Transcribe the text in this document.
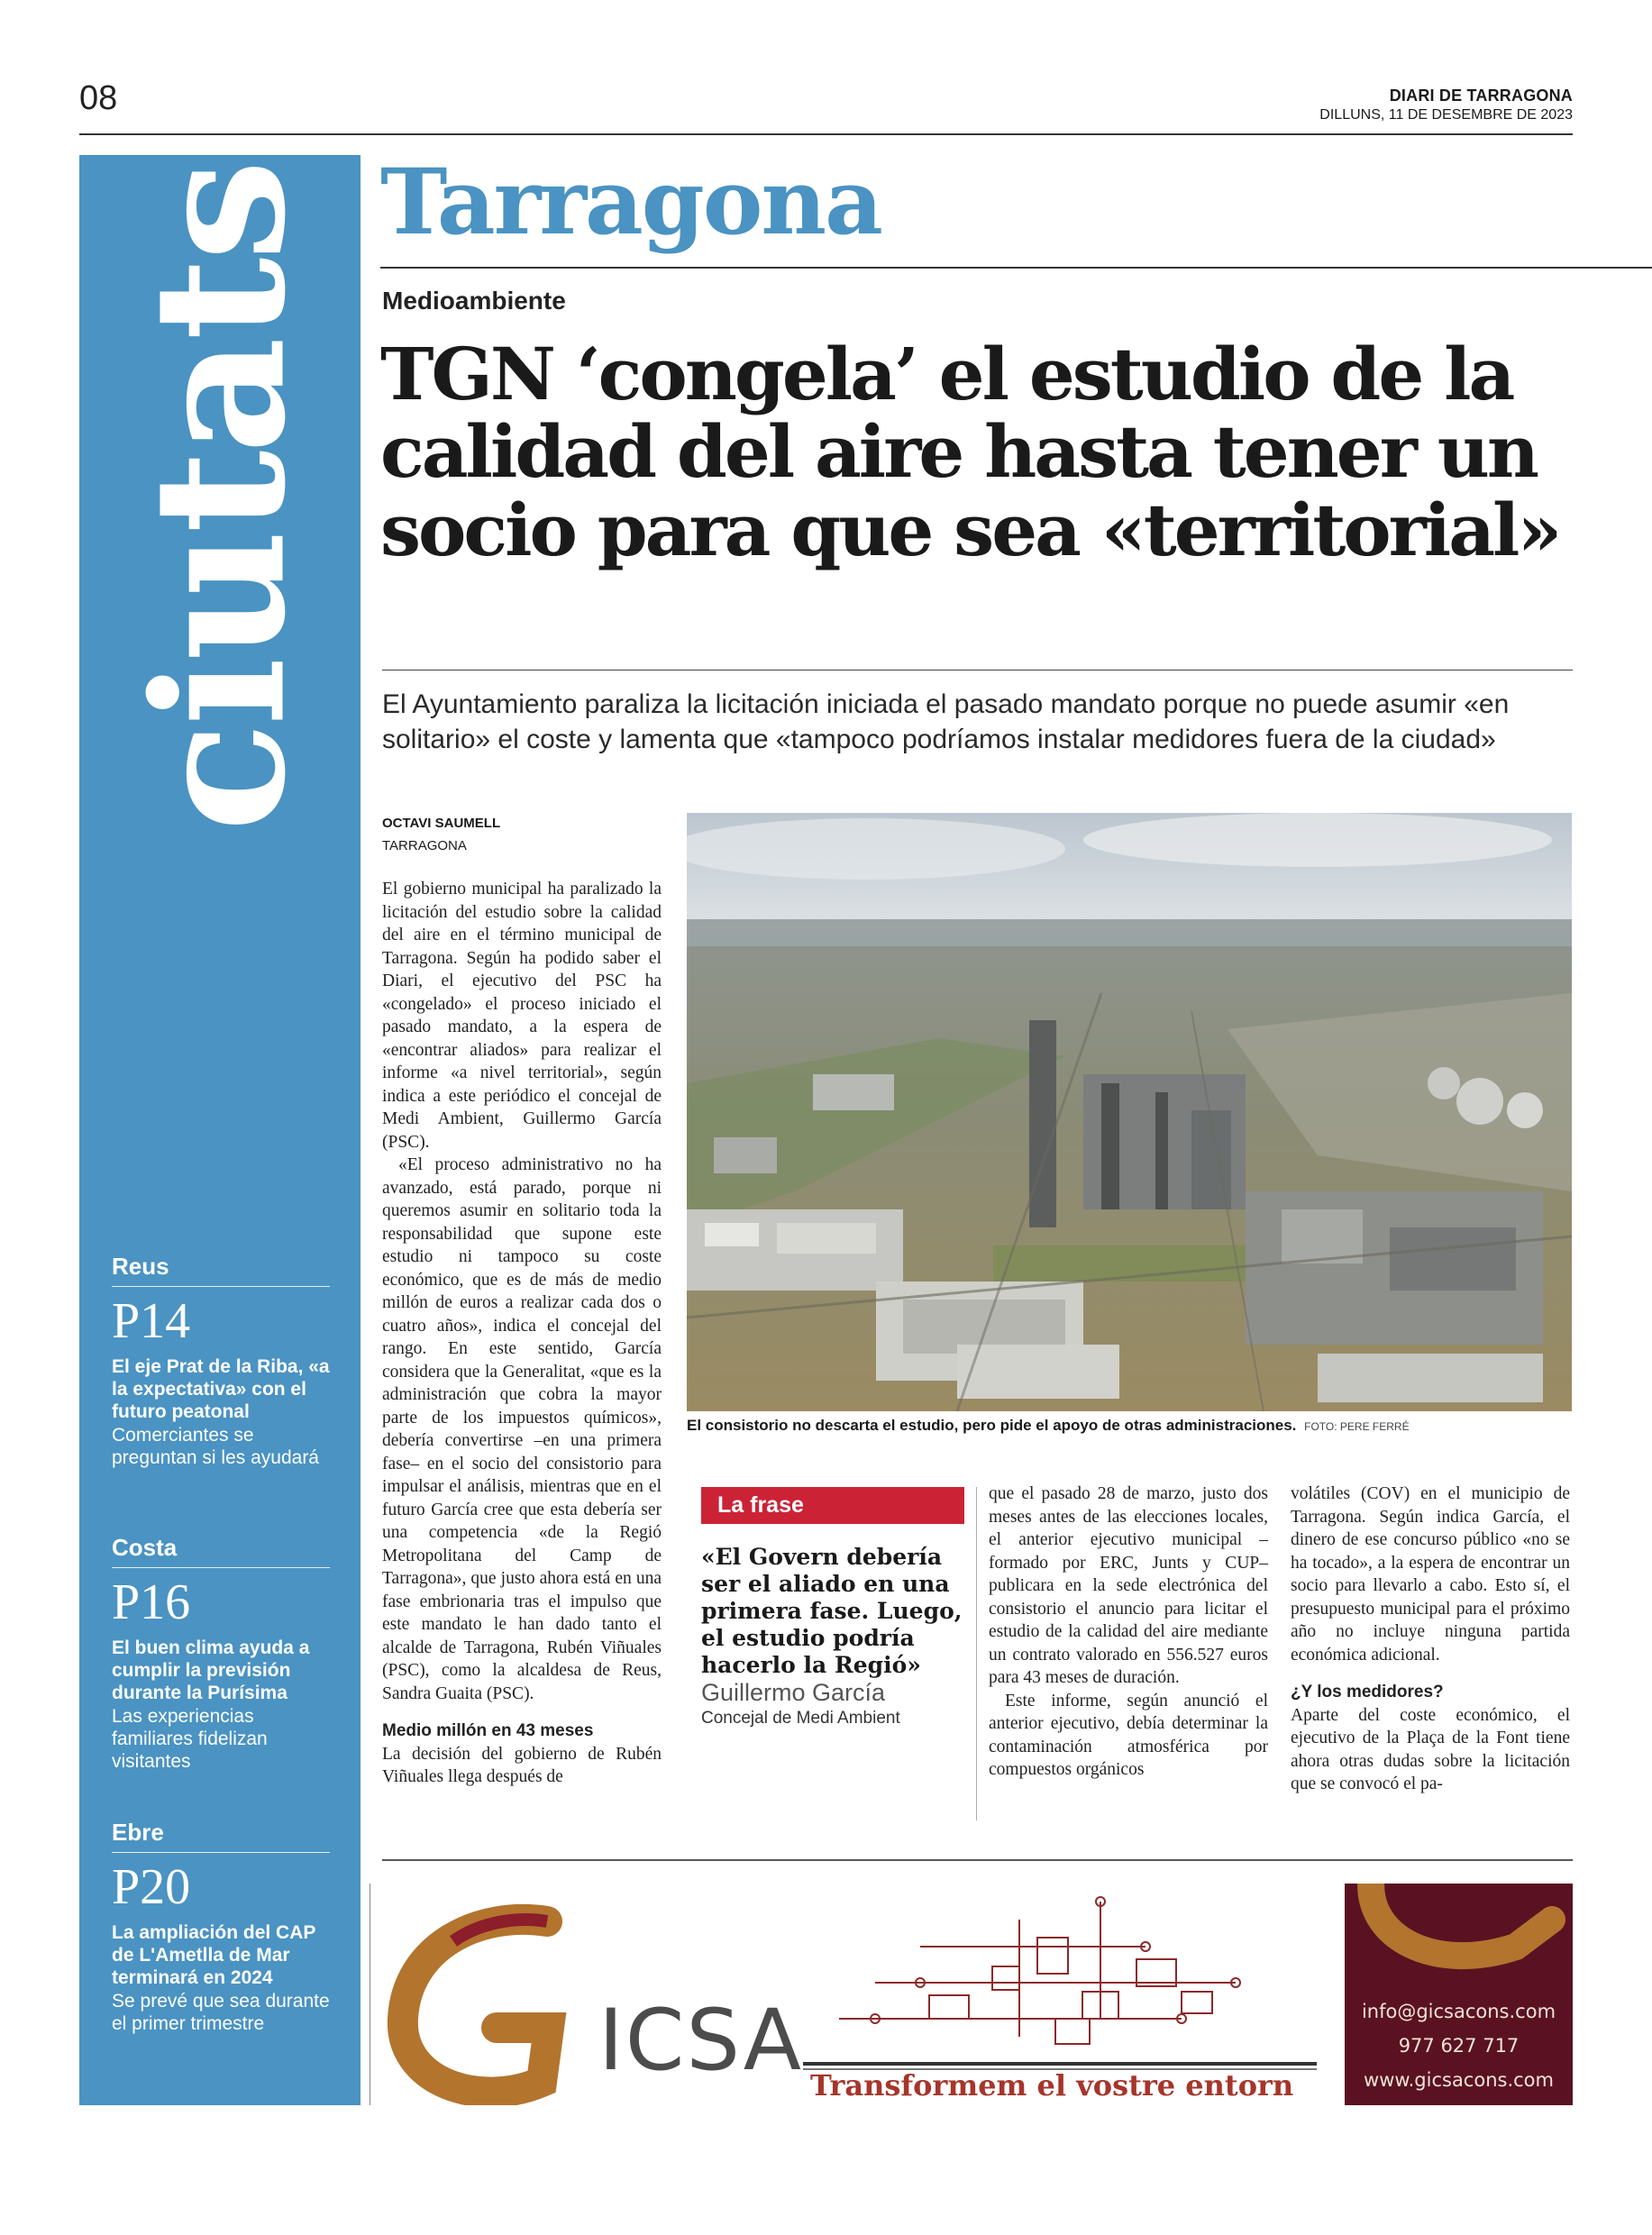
08	DIARI DE TARRAGONA
DILLUNS, 11 DE DESEMBRE DE 2023
ciutats
Reus
P14
El eje Prat de la Riba, «a la expectativa» con el futuro peatonal
Comerciantes se preguntan si les ayudará
Costa
P16
El buen clima ayuda a cumplir la previsión durante la Purísima
Las experiencias familiares fidelizan visitantes
Ebre
P20
La ampliación del CAP de L'Ametlla de Mar terminará en 2024
Se prevé que sea durante el primer trimestre
Tarragona
Medioambiente
TGN ‘congela’ el estudio de la calidad del aire hasta tener un socio para que sea «territorial»
El Ayuntamiento paraliza la licitación iniciada el pasado mandato porque no puede asumir «en solitario» el coste y lamenta que «tampoco podríamos instalar medidores fuera de la ciudad»
OCTAVI SAUMELL
TARRAGONA

El gobierno municipal ha paralizado la licitación del estudio sobre la calidad del aire en el término municipal de Tarragona. Según ha podido saber el Diari, el ejecutivo del PSC ha «congelado» el proceso iniciado el pasado mandato, a la espera de «encontrar aliados» para realizar el informe «a nivel territorial», según indica a este periódico el concejal de Medi Ambient, Guillermo García (PSC).

«El proceso administrativo no ha avanzado, está parado, porque ni queremos asumir en solitario toda la responsabilidad que supone este estudio ni tampoco su coste económico, que es de más de medio millón de euros a realizar cada dos o cuatro años», indica el concejal del rango. En este sentido, García considera que la Generalitat, «que es la administración que cobra la mayor parte de los impuestos químicos», debería convertirse –en una primera fase– en el socio del consistorio para impulsar el análisis, mientras que en el futuro García cree que esta debería ser una competencia «de la Regió Metropolitana del Camp de Tarragona», que justo ahora está en una fase embrionaria tras el impulso que este mandato le han dado tanto el alcalde de Tarragona, Rubén Viñuales (PSC), como la alcaldesa de Reus, Sandra Guaita (PSC).

Medio millón en 43 meses

La decisión del gobierno de Rubén Viñuales llega después de

El consistorio no descarta el estudio, pero pide el apoyo de otras administraciones. FOTO: PERE FERRÉ
La frase
«El Govern debería ser el aliado en una primera fase. Luego, el estudio podría hacerlo la Regió»
Guillermo García
Concejal de Medi Ambient

que el pasado 28 de marzo, justo dos meses antes de las elecciones locales, el anterior ejecutivo municipal –formado por ERC, Junts y CUP– publicara en la sede electrónica del consistorio el anuncio para licitar el estudio de la calidad del aire mediante un contrato valorado en 556.527 euros para 43 meses de duración.

Este informe, según anunció el anterior ejecutivo, debía determinar la contaminación atmosférica por compuestos orgánicos

volátiles (COV) en el municipio de Tarragona. Según indica García, el dinero de ese concurso público «no se ha tocado», a la espera de encontrar un socio para llevarlo a cabo. Esto sí, el presupuesto municipal para el próximo año no incluye ninguna partida económica adicional.

¿Y los medidores?

Aparte del coste económico, el ejecutivo de la Plaça de la Font tiene ahora otras dudas sobre la licitación que se convocó el pa-

ICSA Transformem el vostre entorn
info@gicsacons.com
977 627 717
www.gicsacons.com
